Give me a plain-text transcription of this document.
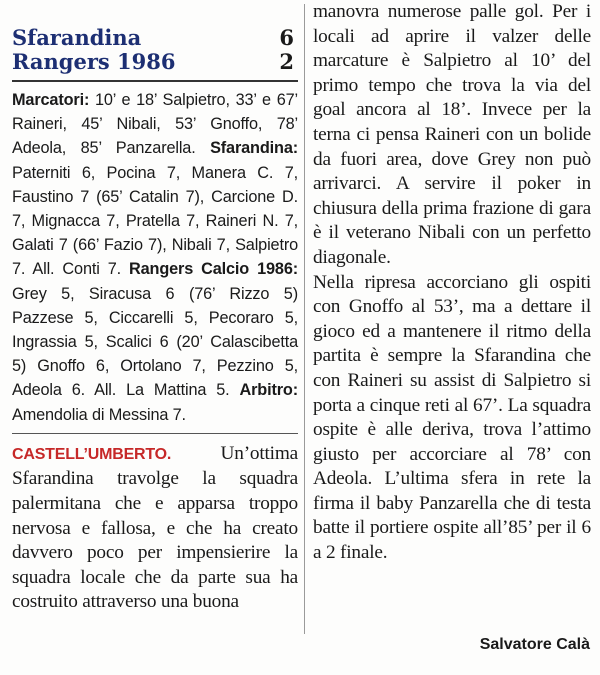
Sfarandina	6
Rangers 1986	2
Marcatori: 10’ e 18’ Salpietro, 33’ e 67’ Raineri, 45’ Nibali, 53’ Gnoffo, 78’ Adeola, 85’ Panzarella. Sfarandina: Paterniti 6, Pocina 7, Manera C. 7, Faustino 7 (65’ Catalin 7), Carcione D. 7, Mignacca 7, Pratella 7, Raineri N. 7, Galati 7 (66’ Fazio 7), Nibali 7, Salpietro 7. All. Conti 7. Rangers Calcio 1986: Grey 5, Siracusa 6 (76’ Rizzo 5) Pazzese 5, Ciccarelli 5, Pecoraro 5, Ingrassia 5, Scalici 6 (20’ Calascibetta 5) Gnoffo 6, Ortolano 7, Pezzino 5, Adeola 6. All. La Mattina 5. Arbitro: Amendolia di Messina 7.
CASTELL’UMBERTO.	Un’ottima Sfarandina travolge la squadra palermitana che e apparsa troppo nervosa e fallosa, e che ha creato davvero poco per impensierire la squadra locale che da parte sua ha costruito attraverso una buona

manovra numerose palle gol. Per i locali ad aprire il valzer delle marcature è Salpietro al 10’ del primo tempo che trova la via del goal ancora al 18’. Invece per la terna ci pensa Raineri con un bolide da fuori area, dove Grey non può arrivarci. A servire il poker in chiusura della prima frazione di gara è il veterano Nibali con un perfetto diagonale.

Nella ripresa accorciano gli ospiti con Gnoffo al 53’, ma a dettare il gioco ed a mantenere il ritmo della partita è sempre la Sfarandina che con Raineri su assist di Salpietro si porta a cinque reti al 67’. La squadra ospite è alle deriva, trova l’attimo giusto per accorciare al 78’ con Adeola. L’ultima sfera in rete la firma il baby Panzarella che di testa batte il portiere ospite all’85’ per il 6 a 2 finale.

Salvatore Calà
